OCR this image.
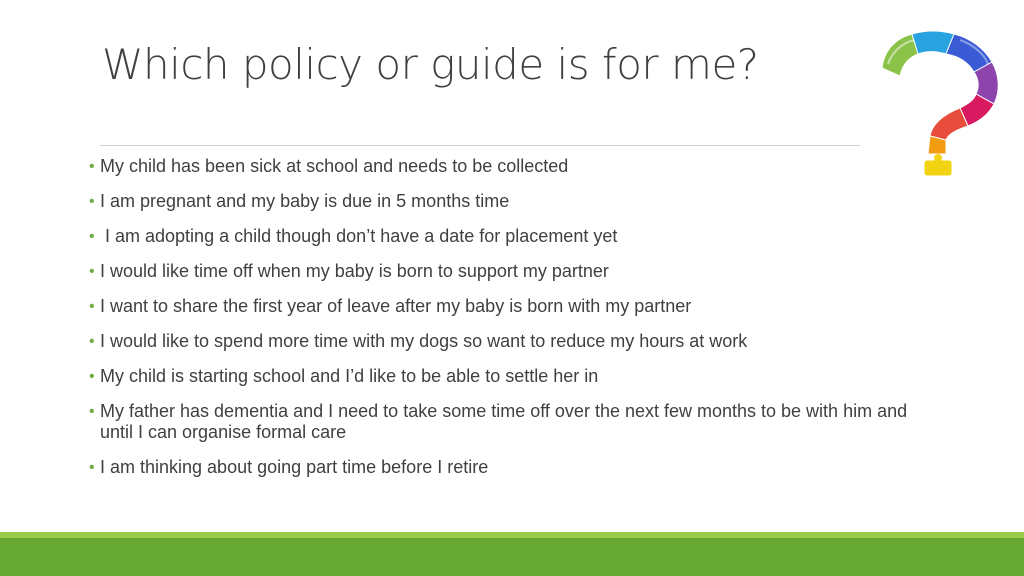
Which policy or guide is for me?
• My child has been sick at school and needs to be collected
• I am pregnant and my baby is due in 5 months time
• I am adopting a child though don’t have a date for placement yet
• I would like time off when my baby is born to support my partner
• I want to share the first year of leave after my baby is born with my partner
• I would like to spend more time with my dogs so want to reduce my hours at work
• My child is starting school and I’d like to be able to settle her in
• My father has dementia and I need to take some time off over the next few months to be with him and until I can organise formal care
• I am thinking about going part time before I retire
